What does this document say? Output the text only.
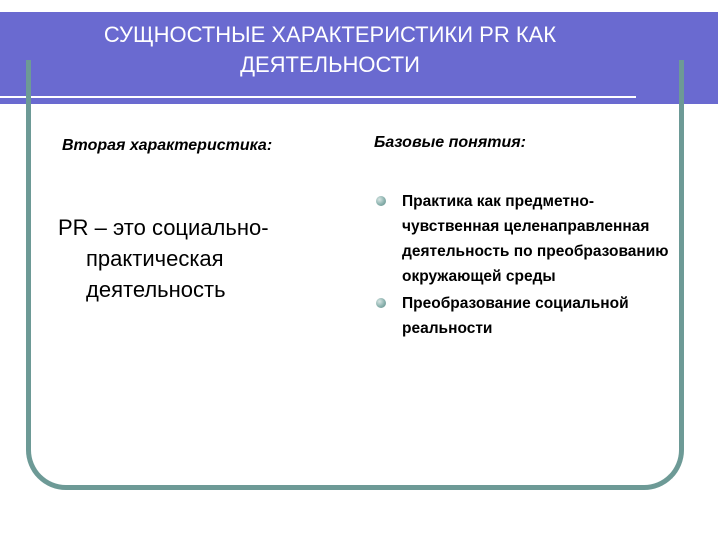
СУЩНОСТНЫЕ ХАРАКТЕРИСТИКИ PR КАК
ДЕЯТЕЛЬНОСТИ
Вторая характеристика:
PR – это социально-
практическая
деятельность
Базовые понятия:
Практика как предметно-чувственная целенаправленная деятельность по преобразованию окружающей среды
Преобразование социальной реальности
